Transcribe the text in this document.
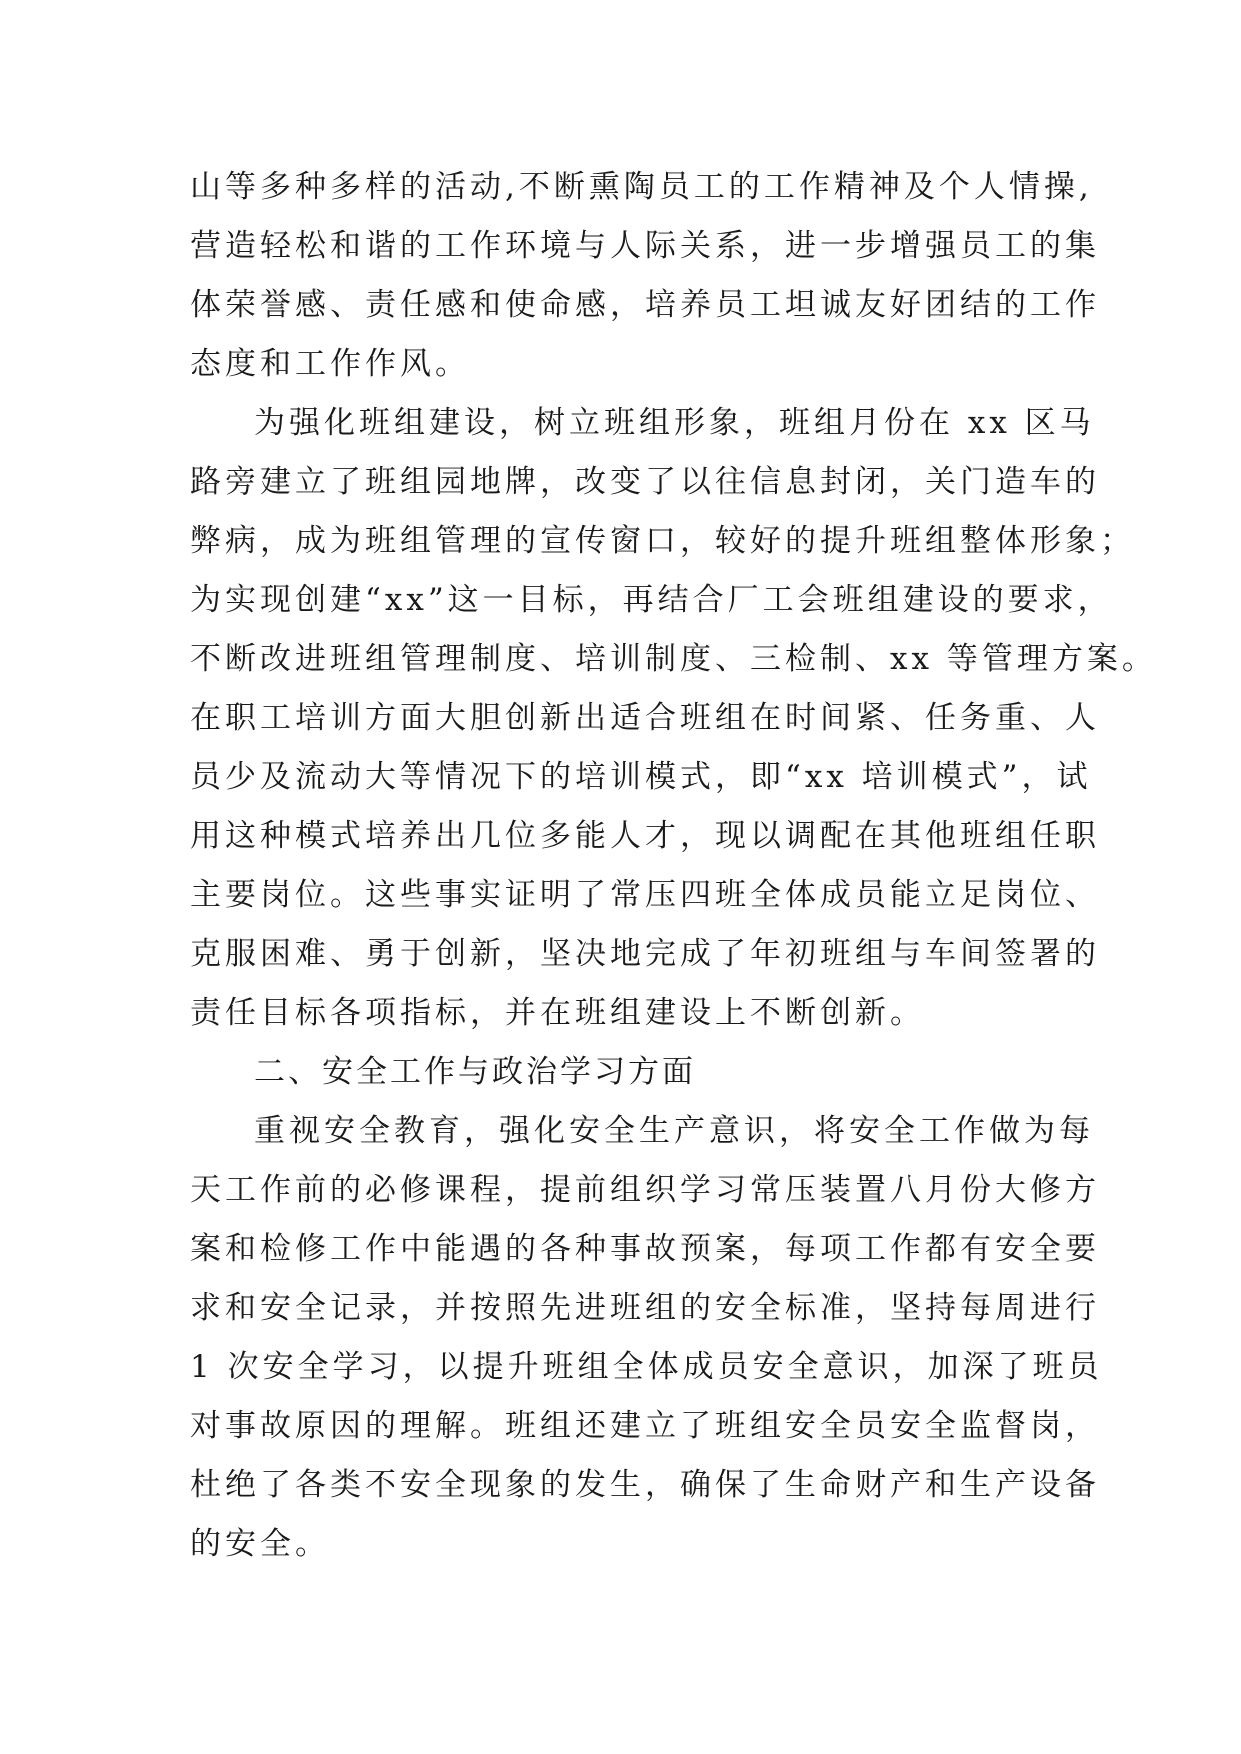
山等多种多样的活动,不断熏陶员工的工作精神及个人情操,
营造轻松和谐的工作环境与人际关系，进一步增强员工的集
体荣誉感、责任感和使命感，培养员工坦诚友好团结的工作
态度和工作作风。
为强化班组建设，树立班组形象，班组月份在 xx 区马
路旁建立了班组园地牌，改变了以往信息封闭，关门造车的
弊病，成为班组管理的宣传窗口，较好的提升班组整体形象；
为实现创建“xx”这一目标，再结合厂工会班组建设的要求，
不断改进班组管理制度、培训制度、三检制、xx 等管理方案。
在职工培训方面大胆创新出适合班组在时间紧、任务重、人
员少及流动大等情况下的培训模式，即“xx 培训模式”，试
用这种模式培养出几位多能人才，现以调配在其他班组任职
主要岗位。这些事实证明了常压四班全体成员能立足岗位、
克服困难、勇于创新，坚决地完成了年初班组与车间签署的
责任目标各项指标，并在班组建设上不断创新。
二、安全工作与政治学习方面
重视安全教育，强化安全生产意识，将安全工作做为每
天工作前的必修课程，提前组织学习常压装置八月份大修方
案和检修工作中能遇的各种事故预案，每项工作都有安全要
求和安全记录，并按照先进班组的安全标准，坚持每周进行
1 次安全学习，以提升班组全体成员安全意识，加深了班员
对事故原因的理解。班组还建立了班组安全员安全监督岗，
杜绝了各类不安全现象的发生，确保了生命财产和生产设备
的安全。
